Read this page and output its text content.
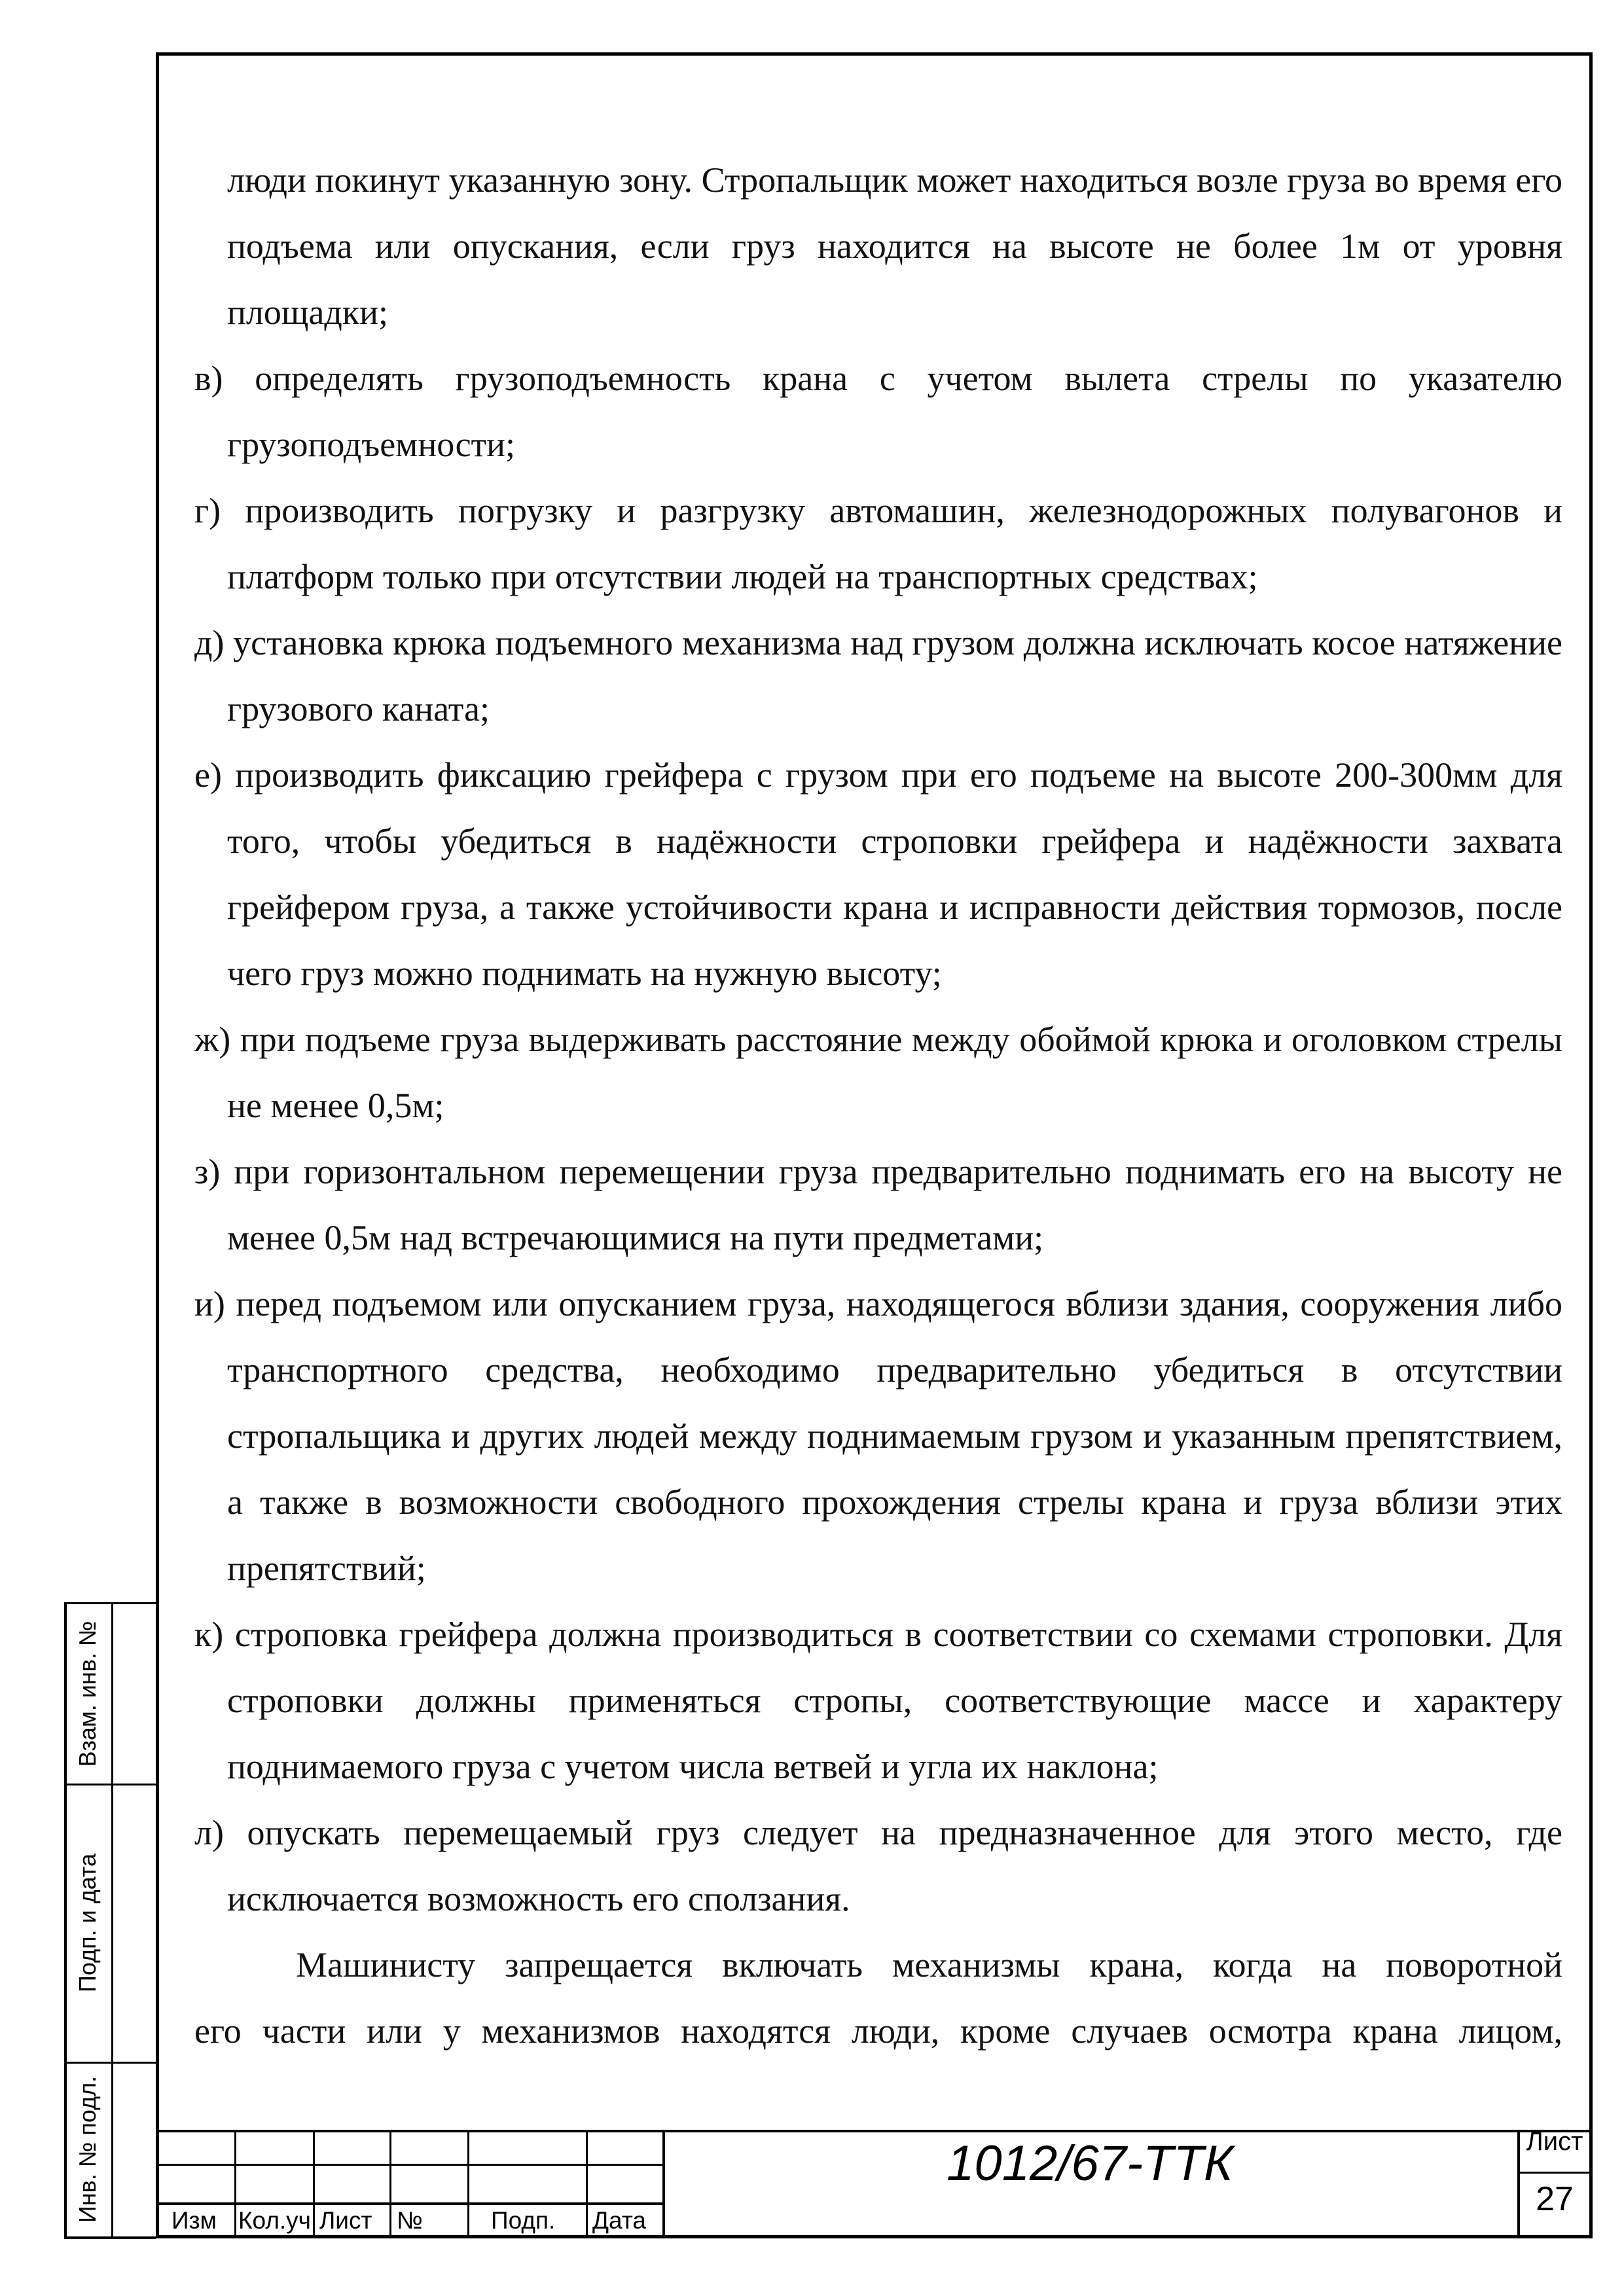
люди покинут указанную зону. Стропальщик может находиться возле груза во время его подъема или опускания, если груз находится на высоте не более 1м от уровня площадки;
в) определять грузоподъемность крана с учетом вылета стрелы по указателю грузоподъемности;
г) производить погрузку и разгрузку автомашин, железнодорожных полувагонов и платформ только при отсутствии людей на транспортных средствах;
д) установка крюка подъемного механизма над грузом должна исключать косое натяжение грузового каната;
е) производить фиксацию грейфера с грузом при его подъеме на высоте 200-300мм для того, чтобы убедиться в надёжности строповки грейфера и надёжности захвата грейфером груза, а также устойчивости крана и исправности действия тормозов, после чего груз можно поднимать на нужную высоту;
ж) при подъеме груза выдерживать расстояние между обоймой крюка и оголовком стрелы не менее 0,5м;
з) при горизонтальном перемещении груза предварительно поднимать его на высоту не менее 0,5м над встречающимися на пути предметами;
и) перед подъемом или опусканием груза, находящегося вблизи здания, сооружения либо транспортного средства, необходимо предварительно убедиться в отсутствии стропальщика и других людей между поднимаемым грузом и указанным препятствием, а также в возможности свободного прохождения стрелы крана и груза вблизи этих препятствий;
к) строповка грейфера должна производиться в соответствии со схемами строповки. Для строповки должны применяться стропы, соответствующие массе и характеру поднимаемого груза с учетом числа ветвей и угла их наклона;
л) опускать перемещаемый груз следует на предназначенное для этого место, где исключается возможность его сползания.
Машинисту запрещается включать механизмы крана, когда на поворотной
его части или у механизмов находятся люди, кроме случаев осмотра крана лицом,
Взам. инв. №
Подп. и дата
Инв. № подл.	Изм Кол.уч Лист №	Подп. Дата
1012/67-ТТК	Лист
27
